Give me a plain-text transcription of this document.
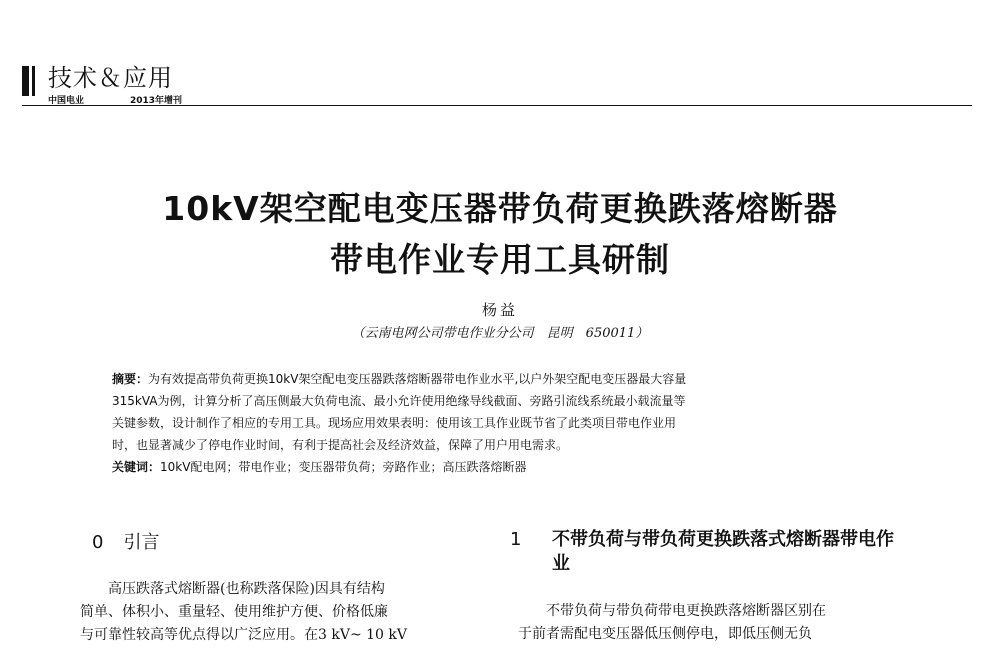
技术＆应用
中国电业	2013年增刊
10kV架空配电变压器带负荷更换跌落熔断器
带电作业专用工具研制
杨益
（云南电网公司带电作业分公司　昆明　650011）

摘要：为有效提高带负荷更换10kV架空配电变压器跌落熔断器带电作业水平,以户外架空配电变压器最大容量

315kVA为例，计算分析了高压侧最大负荷电流、最小允许使用绝缘导线截面、旁路引流线系统最小载流量等

关键参数，设计制作了相应的专用工具。现场应用效果表明：使用该工具作业既节省了此类项目带电作业用

时，也显著减少了停电作业时间，有利于提高社会及经济效益，保障了用户用电需求。

关键词：10kV配电网；带电作业；变压器带负荷；旁路作业；高压跌落熔断器

0 引言	1 不带负荷与带负荷更换跌落式熔断器带电作业

高压跌落式熔断器(也称跌落保险)因具有结构

简单、体积小、重量轻、使用维护方便、价格低廉
与可靠性较高等优点得以广泛应用。在3 kV~ 10 kV

不带负荷与带负荷带电更换跌落熔断器区别在

于前者需配电变压器低压侧停电，即低压侧无负
